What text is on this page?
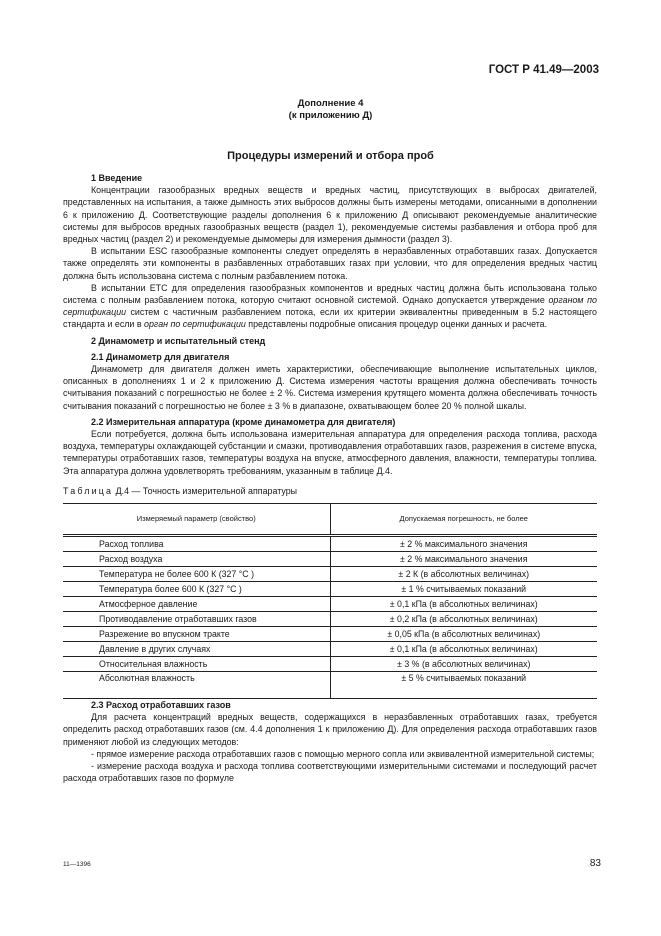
ГОСТ Р 41.49—2003
Дополнение 4
(к приложению Д)
Процедуры измерений и отбора проб
1 Введение

Концентрации газообразных вредных веществ и вредных частиц, присутствующих в выбросах двигателей, представленных на испытания, а также дымность этих выбросов должны быть измерены методами, описанными в дополнении 6 к приложению Д. Соответствующие разделы дополнения 6 к приложению Д описывают рекомендуемые аналитические системы для выбросов вредных газообразных веществ (раздел 1), рекомендуемые системы разбавления и отбора проб для вредных частиц (раздел 2) и рекомендуемые дымомеры для измерения дымности (раздел 3).

В испытании ESC газообразные компоненты следует определять в неразбавленных отработавших газах. Допускается также определять эти компоненты в разбавленных отработавших газах при условии, что для определения вредных частиц должна быть использована система с полным разбавлением потока.

В испытании ETC для определения газообразных компонентов и вредных частиц должна быть использована только система с полным разбавлением потока, которую считают основной системой. Однако допускается утверждение органом по сертификации систем с частичным разбавлением потока, если их критерии эквивалентны приведенным в 5.2 настоящего стандарта и если в орган по сертификации представлены подробные описания процедур оценки данных и расчета.

2 Динамометр и испытательный стенд
2.1 Динамометр для двигателя

Динамометр для двигателя должен иметь характеристики, обеспечивающие выполнение испытательных циклов, описанных в дополнениях 1 и 2 к приложению Д. Система измерения частоты вращения должна обеспечивать точность считывания показаний с погрешностью не более ± 2 %. Система измерения крутящего момента должна обеспечивать точность считывания показаний с погрешностью не более ± 3 % в диапазоне, охватывающем более 20 % полной шкалы.

2.2 Измерительная аппаратура (кроме динамометра для двигателя)

Если потребуется, должна быть использована измерительная аппаратура для определения расхода топлива, расхода воздуха, температуры охлаждающей субстанции и смазки, противодавления отработавших газов, разрежения в системе впуска, температуры отработавших газов, температуры воздуха на впуске, атмосферного давления, влажности, температуры топлива. Эта аппаратура должна удовлетворять требованиям, указанным в таблице Д.4.

Таблица Д.4 — Точность измерительной аппаратуры
Измеряемый параметр (свойство)	Допускаемая погрешность, не более
Расход топлива	± 2 % максимального значения
Расход воздуха	± 2 % максимального значения
Температура не более 600 К (327 °С )	± 2 К (в абсолютных величинах)
Температура более 600 К (327 °С )	± 1 % считываемых показаний
Атмосферное давление	± 0,1 кПа (в абсолютных величинах)
Противодавление отработавших газов	± 0,2 кПа (в абсолютных величинах)
Разрежение во впускном тракте	± 0,05 кПа (в абсолютных величинах)
Давление в других случаях	± 0,1 кПа (в абсолютных величинах)
Относительная влажность	± 3 % (в абсолютных величинах)
Абсолютная влажность	± 5 % считываемых показаний
2.3 Расход отработавших газов

Для расчета концентраций вредных веществ, содержащихся в неразбавленных отработавших газах, требуется определить расход отработавших газов (см. 4.4 дополнения 1 к приложению Д). Для определения расхода отработавших газов применяют любой из следующих методов:

- прямое измерение расхода отработавших газов с помощью мерного сопла или эквивалентной измерительной системы;

- измерение расхода воздуха и расхода топлива соответствующими измерительными системами и последующий расчет расхода отработавших газов по формуле

11—1396	83
